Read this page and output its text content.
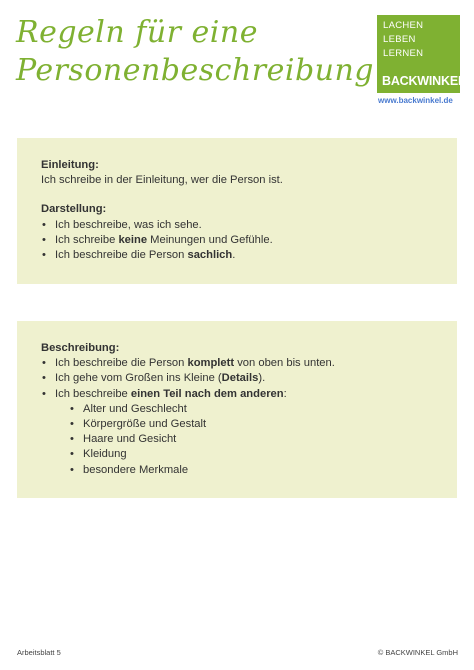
Regeln für eine
Personenbeschreibung
LACHEN
LEBEN
LERNEN
BACKWINKEL
www.backwinkel.de
Einleitung:
Ich schreibe in der Einleitung, wer die Person ist.
Darstellung:
• Ich beschreibe, was ich sehe.
• Ich schreibe keine Meinungen und Gefühle.
• Ich beschreibe die Person sachlich.
Beschreibung:
• Ich beschreibe die Person komplett von oben bis unten.
• Ich gehe vom Großen ins Kleine (Details).
• Ich beschreibe einen Teil nach dem anderen:
• Alter und Geschlecht
• Körpergröße und Gestalt
• Haare und Gesicht
• Kleidung
• besondere Merkmale
Arbeitsblatt 5	© BACKWINKEL GmbH
